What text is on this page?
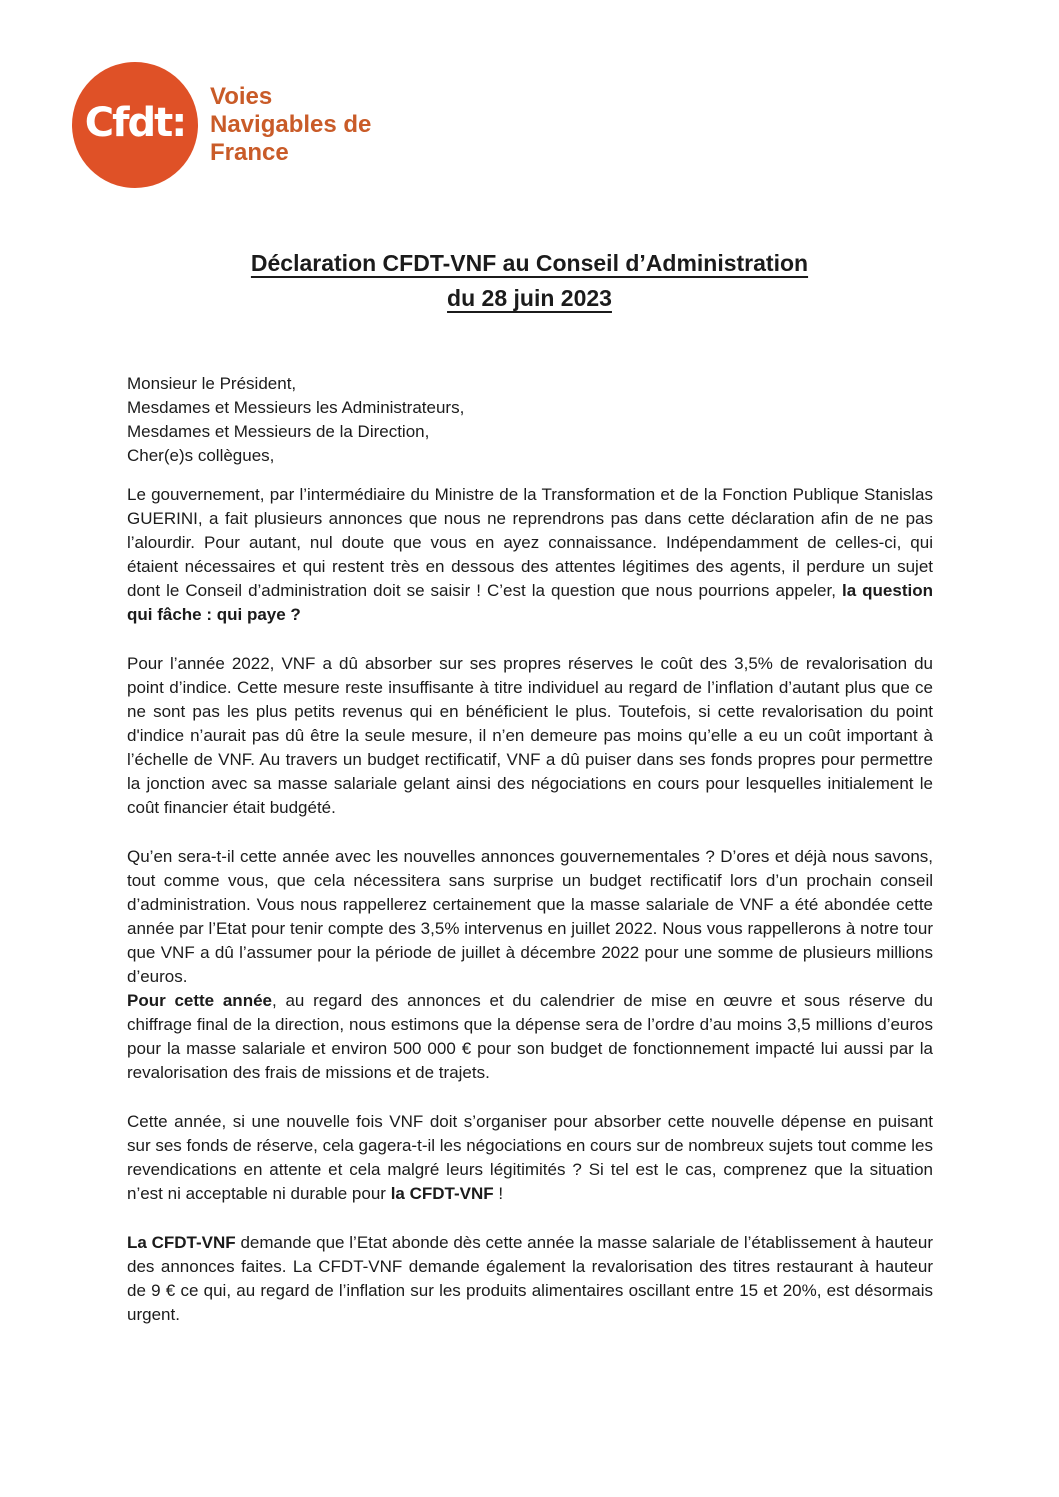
Cfdt:
Voies
Navigables de
France
Déclaration CFDT-VNF au Conseil d’Administration
du 28 juin 2023
Monsieur le Président,
Mesdames et Messieurs les Administrateurs,
Mesdames et Messieurs de la Direction,
Cher(e)s collègues,

Le gouvernement, par l’intermédiaire du Ministre de la Transformation et de la Fonction Publique Stanislas GUERINI, a fait plusieurs annonces que nous ne reprendrons pas dans cette déclaration afin de ne pas l’alourdir. Pour autant, nul doute que vous en ayez connaissance. Indépendamment de celles-ci, qui étaient nécessaires et qui restent très en dessous des attentes légitimes des agents, il perdure un sujet dont le Conseil d’administration doit se saisir ! C’est la question que nous pourrions appeler, la question qui fâche : qui paye ?

Pour l’année 2022, VNF a dû absorber sur ses propres réserves le coût des 3,5% de revalorisation du point d’indice. Cette mesure reste insuffisante à titre individuel au regard de l’inflation d’autant plus que ce ne sont pas les plus petits revenus qui en bénéficient le plus. Toutefois, si cette revalorisation du point d'indice n’aurait pas dû être la seule mesure, il n’en demeure pas moins qu’elle a eu un coût important à l’échelle de VNF. Au travers un budget rectificatif, VNF a dû puiser dans ses fonds propres pour permettre la jonction avec sa masse salariale gelant ainsi des négociations en cours pour lesquelles initialement le coût financier était budgété.

Qu’en sera-t-il cette année avec les nouvelles annonces gouvernementales ? D’ores et déjà nous savons, tout comme vous, que cela nécessitera sans surprise un budget rectificatif lors d’un prochain conseil d’administration. Vous nous rappellerez certainement que la masse salariale de VNF a été abondée cette année par l’Etat pour tenir compte des 3,5% intervenus en juillet 2022. Nous vous rappellerons à notre tour que VNF a dû l’assumer pour la période de juillet à décembre 2022 pour une somme de plusieurs millions d’euros.

Pour cette année, au regard des annonces et du calendrier de mise en œuvre et sous réserve du chiffrage final de la direction, nous estimons que la dépense sera de l’ordre d’au moins 3,5 millions d’euros pour la masse salariale et environ 500 000 € pour son budget de fonctionnement impacté lui aussi par la revalorisation des frais de missions et de trajets.

Cette année, si une nouvelle fois VNF doit s’organiser pour absorber cette nouvelle dépense en puisant sur ses fonds de réserve, cela gagera-t-il les négociations en cours sur de nombreux sujets tout comme les revendications en attente et cela malgré leurs légitimités ? Si tel est le cas, comprenez que la situation n’est ni acceptable ni durable pour la CFDT-VNF !

La CFDT-VNF demande que l’Etat abonde dès cette année la masse salariale de l’établissement à hauteur des annonces faites. La CFDT-VNF demande également la revalorisation des titres restaurant à hauteur de 9 € ce qui, au regard de l’inflation sur les produits alimentaires oscillant entre 15 et 20%, est désormais urgent.
